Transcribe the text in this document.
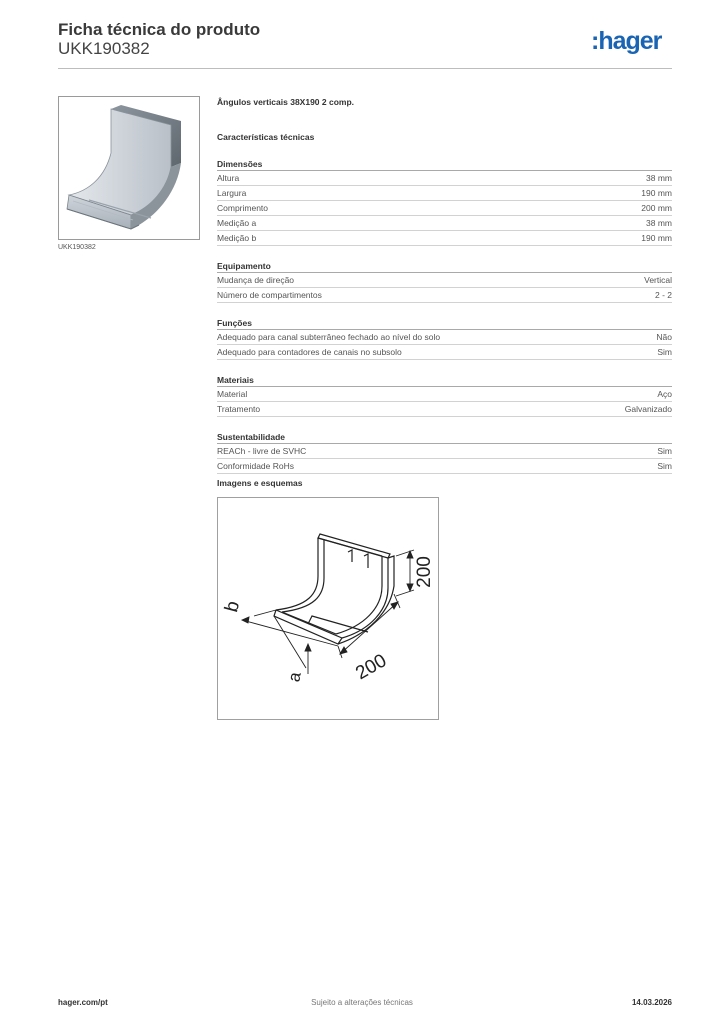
Ficha técnica do produto
UKK190382	:hager
UKK190382
Ângulos verticais 38X190 2 comp.
Características técnicas
Dimensões
Altura	38 mm
Largura	190 mm
Comprimento	200 mm
Medição a	38 mm
Medição b	190 mm
Equipamento
Mudança de direção	Vertical
Número de compartimentos	2 - 2
Funções
Adequado para canal subterrâneo fechado ao nível do solo	Não
Adequado para contadores de canais no subsolo	Sim
Materiais
Material	Aço
Tratamento	Galvanizado
Sustentabilidade
REACh - livre de SVHC	Sim
Conformidade RoHs	Sim
Imagens e esquemas
200
200
b
a
hager.com/pt	Sujeito a alterações técnicas	14.03.2026
